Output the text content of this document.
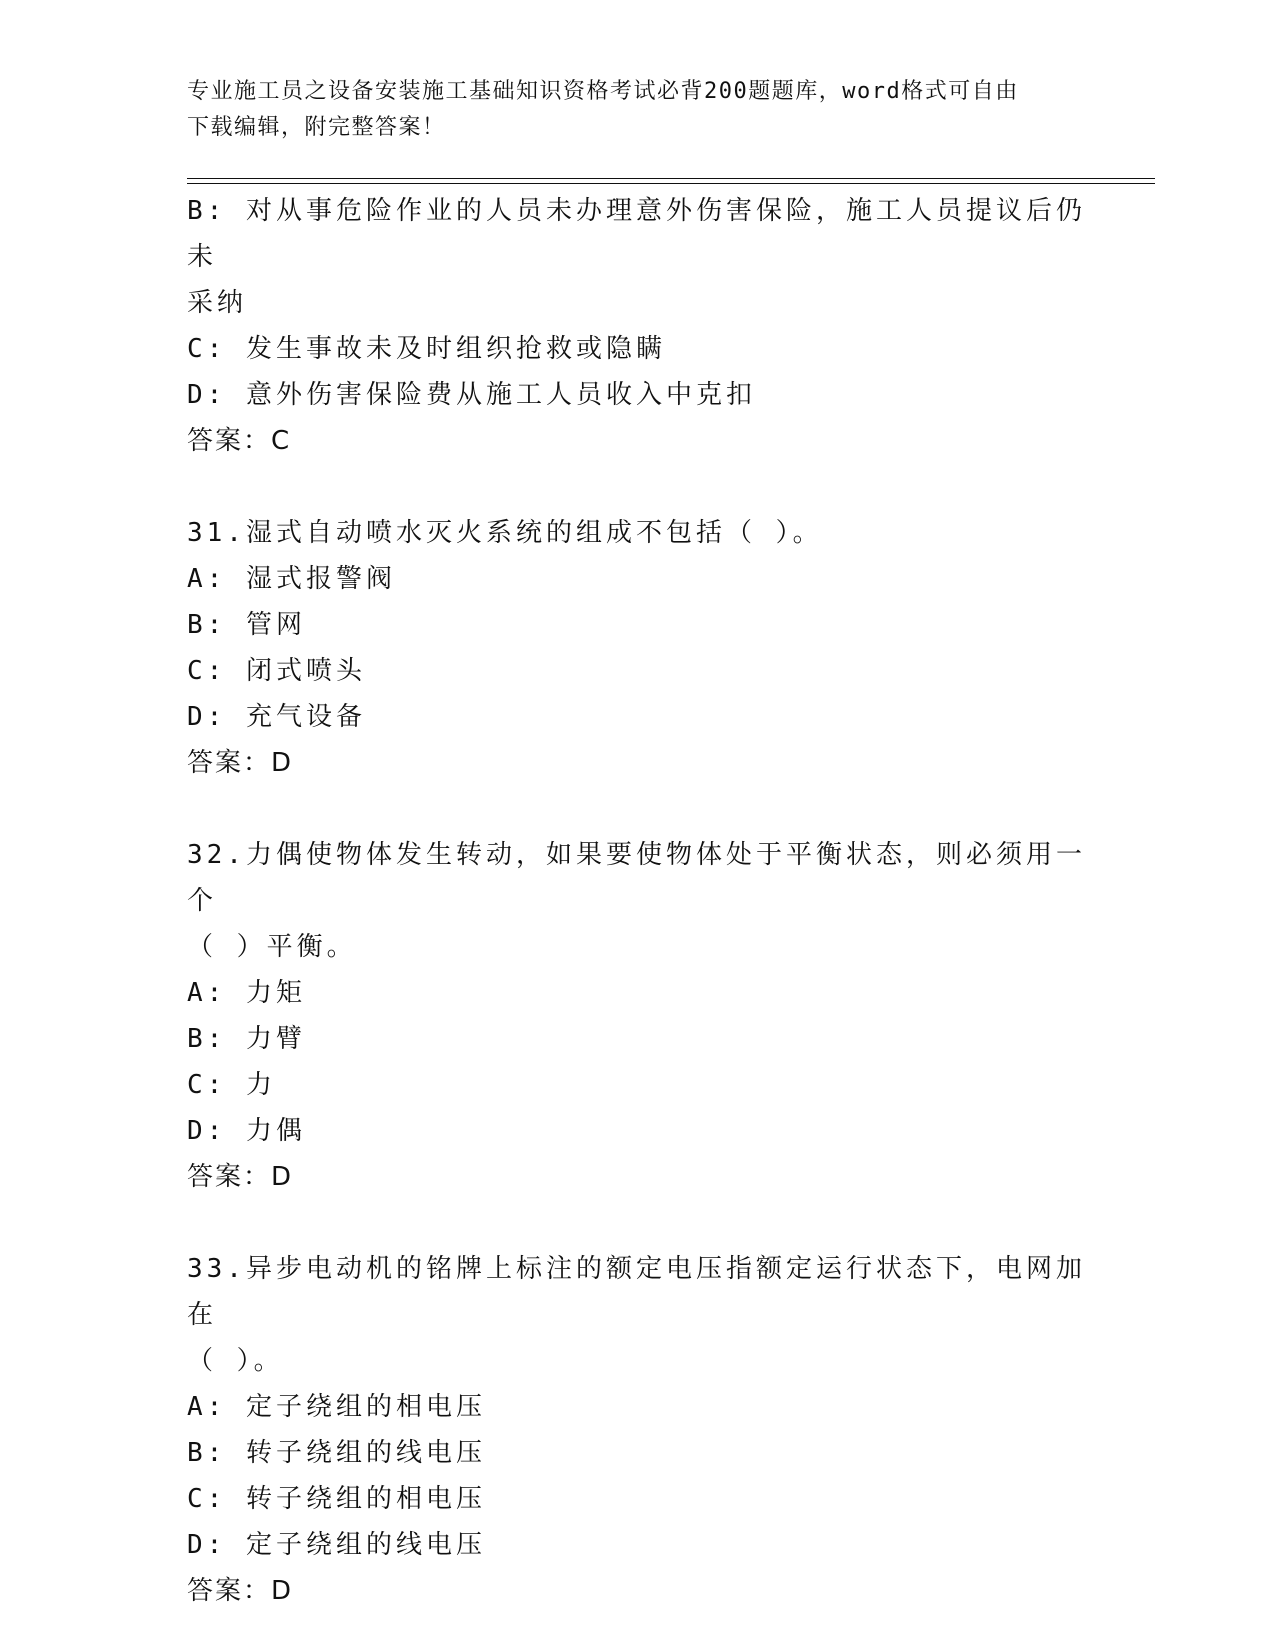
专业施工员之设备安装施工基础知识资格考试必背200题题库，word格式可自由
下载编辑，附完整答案！

B: 对从事危险作业的人员未办理意外伤害保险，施工人员提议后仍未

采纳

C: 发生事故未及时组织抢救或隐瞒

D: 意外伤害保险费从施工人员收入中克扣

答案：C

31.湿式自动喷水灭火系统的组成不包括（ ）。

A: 湿式报警阀

B: 管网

C: 闭式喷头

D: 充气设备

答案：D

32.力偶使物体发生转动，如果要使物体处于平衡状态，则必须用一个

（ ）平衡。

A: 力矩

B: 力臂

C: 力

D: 力偶

答案：D

33.异步电动机的铭牌上标注的额定电压指额定运行状态下，电网加在

（ ）。

A: 定子绕组的相电压

B: 转子绕组的线电压

C: 转子绕组的相电压

D: 定子绕组的线电压

答案：D
